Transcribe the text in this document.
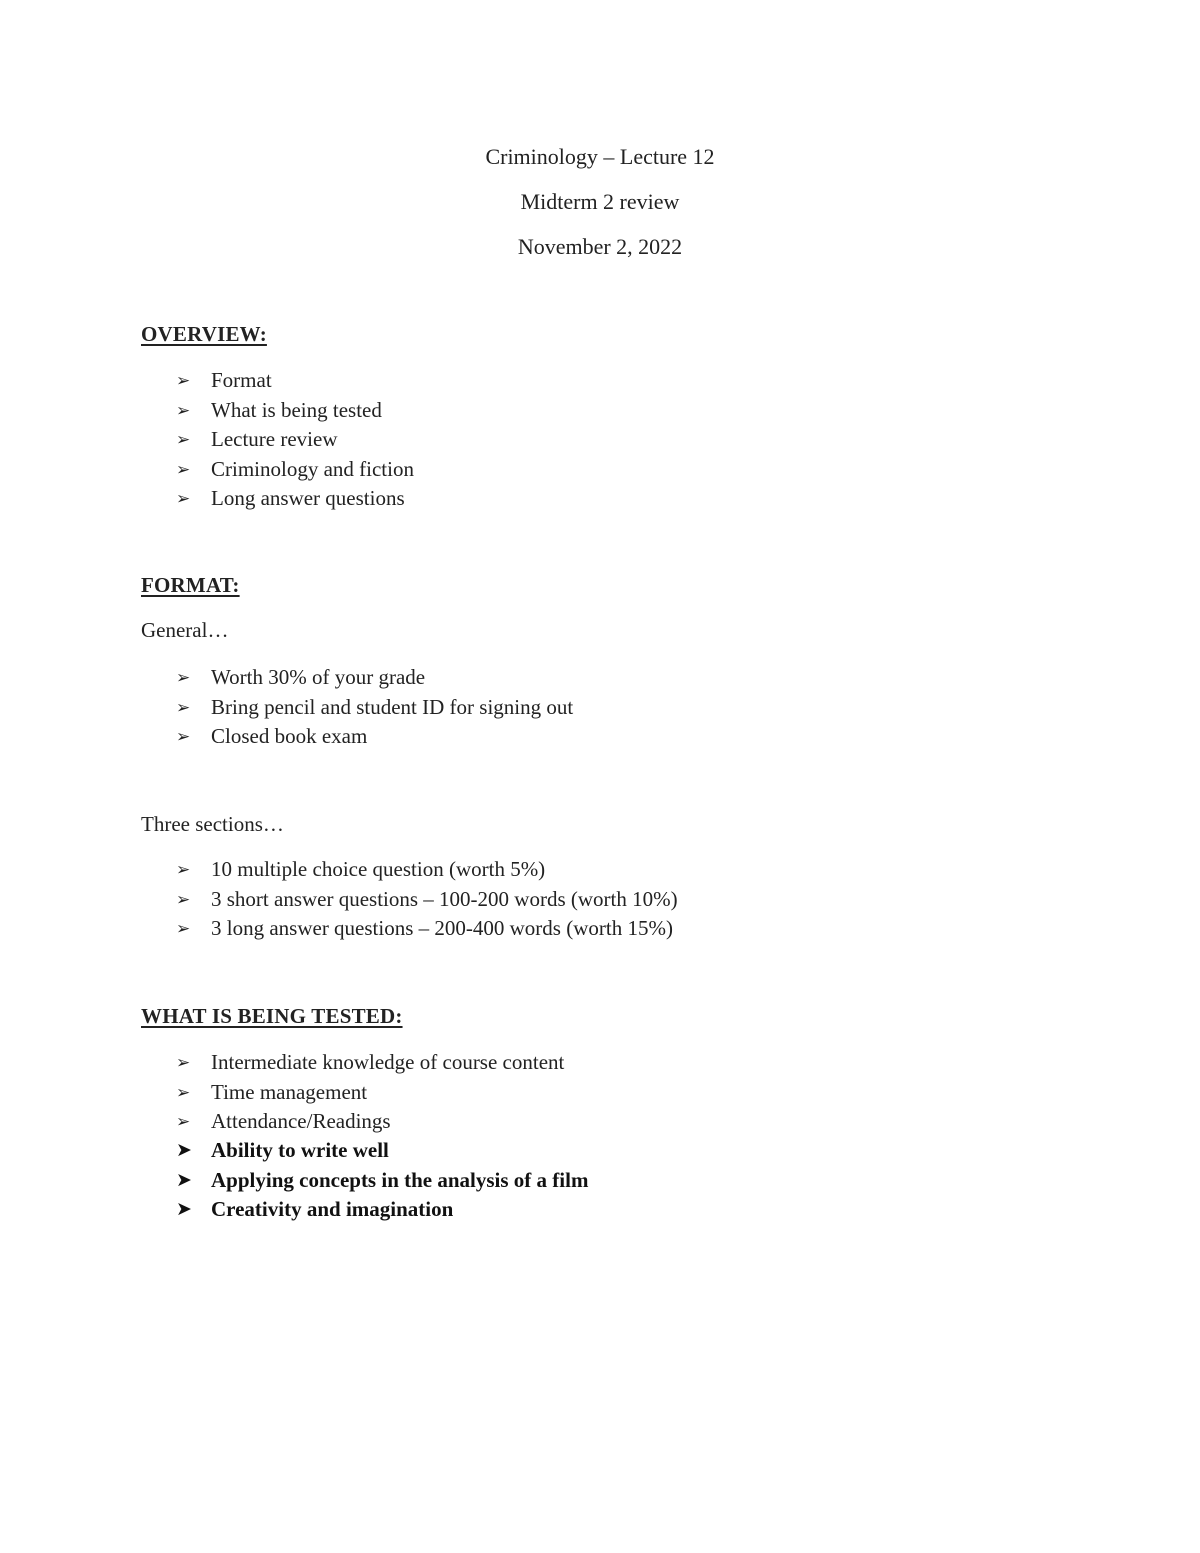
Criminology – Lecture 12
Midterm 2 review
November 2, 2022
OVERVIEW:
➢ Format
➢ What is being tested
➢ Lecture review
➢ Criminology and fiction
➢ Long answer questions
FORMAT:
General…
➢ Worth 30% of your grade
➢ Bring pencil and student ID for signing out
➢ Closed book exam
Three sections…
➢ 10 multiple choice question (worth 5%)
➢ 3 short answer questions – 100-200 words (worth 10%)
➢ 3 long answer questions – 200-400 words (worth 15%)
WHAT IS BEING TESTED:
➢ Intermediate knowledge of course content
➢ Time management
➢ Attendance/Readings
➤ Ability to write well
➤ Applying concepts in the analysis of a film
➤ Creativity and imagination
